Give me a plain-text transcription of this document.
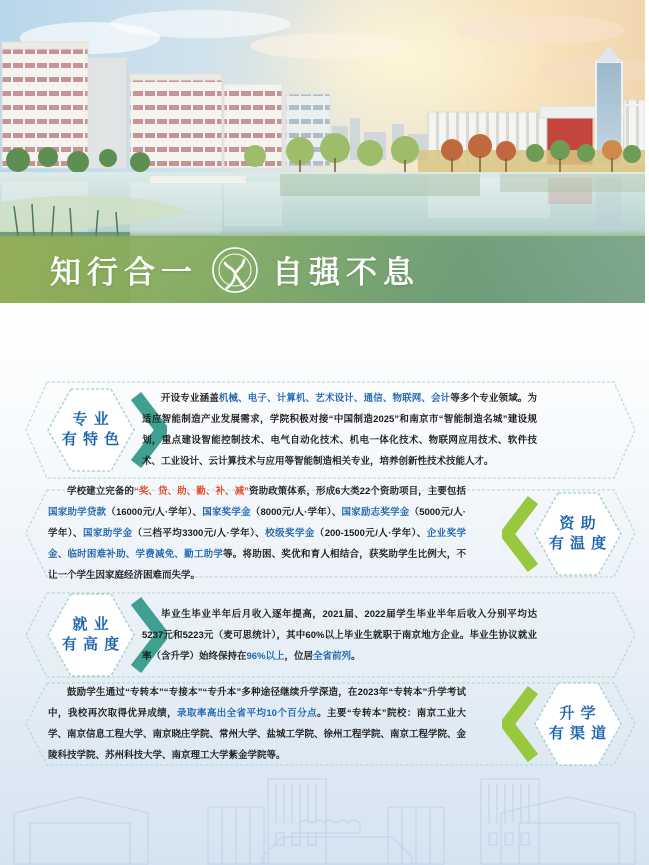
知行合一 自强不息
专 业
有 特 色

开设专业涵盖机械、电子、计算机、艺术设计、通信、物联网、会计等多个专业领域。为适应智能制造产业发展需求，学院积极对接“中国制造2025”和南京市“智能制造名城”建设规划，重点建设智能控制技术、电气自动化技术、机电一体化技术、物联网应用技术、软件技术、工业设计、云计算技术与应用等智能制造相关专业，培养创新性技术技能人才。

资 助
有 温 度

学校建立完备的“奖、贷、助、勤、补、减”资助政策体系，形成6大类22个资助项目，主要包括国家助学贷款（16000元/人·学年）、国家奖学金（8000元/人·学年）、国家励志奖学金（5000元/人·学年）、国家助学金（三档平均3300元/人·学年）、校级奖学金（200-1500元/人·学年）、企业奖学金、临时困难补助、学费减免、勤工助学等。将助困、奖优和育人相结合，获奖助学生比例大，不让一个学生因家庭经济困难而失学。

就 业
有 高 度

毕业生毕业半年后月收入逐年提高，2021届、2022届学生毕业半年后收入分别平均达5237元和5223元（麦可思统计），其中60%以上毕业生就职于南京地方企业。毕业生协议就业率（含升学）始终保持在96%以上，位居全省前列。

升 学
有 渠 道

鼓励学生通过“专转本”“专接本”“专升本”多种途径继续升学深造，在2023年“专转本”升学考试中，我校再次取得优异成绩，录取率高出全省平均10个百分点。主要“专转本”院校：南京工业大学、南京信息工程大学、南京晓庄学院、常州大学、盐城工学院、徐州工程学院、南京工程学院、金陵科技学院、苏州科技大学、南京理工大学紫金学院等。
